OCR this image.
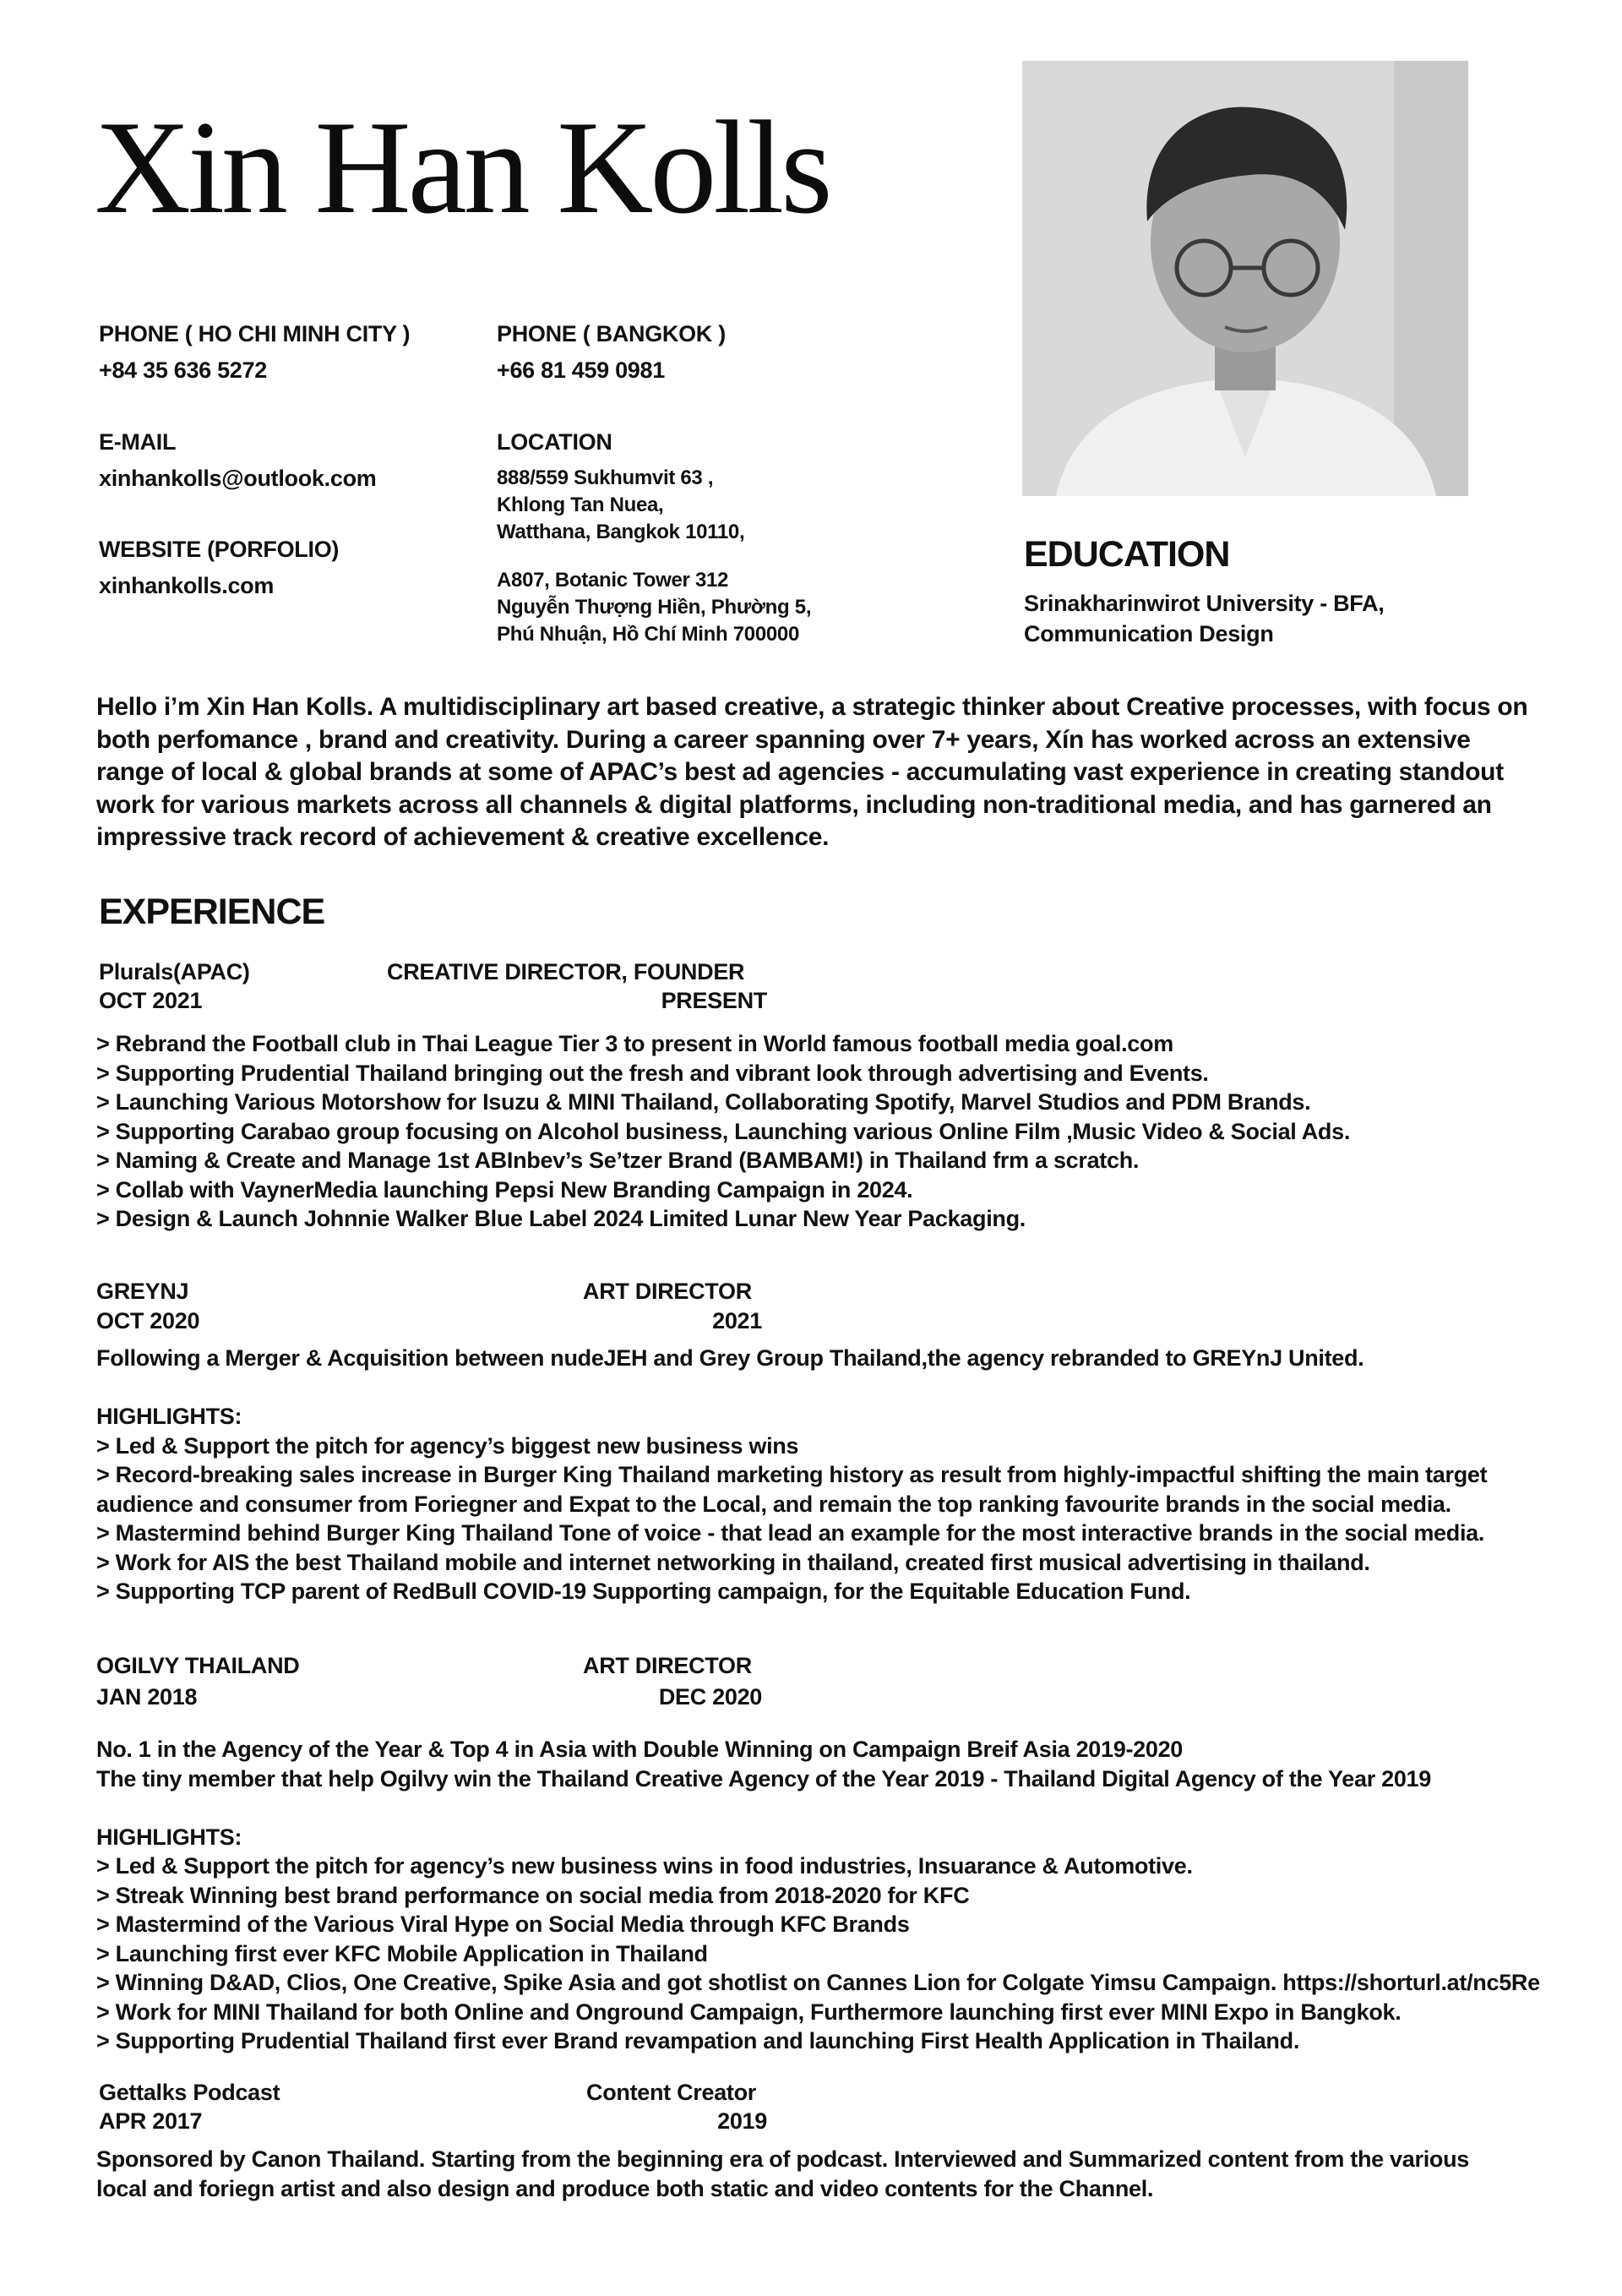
Xin Han Kolls
PHONE ( HO CHI MINH CITY )
+84 35 636 5272
PHONE ( BANGKOK )
+66 81 459 0981
E-MAIL
xinhankolls@outlook.com
LOCATION
888/559 Sukhumvit 63 ,
Khlong Tan Nuea,
Watthana, Bangkok 10110,
A807, Botanic Tower 312
Nguyễn Thượng Hiền, Phường 5,
Phú Nhuận, Hồ Chí Minh 700000
WEBSITE (PORFOLIO)
xinhankolls.com
EDUCATION
Srinakharinwirot University - BFA,
Communication Design
Hello i’m Xin Han Kolls. A multidisciplinary art based creative, a strategic thinker about Creative processes, with focus on both perfomance , brand and creativity. During a career spanning over 7+ years, Xín has worked across an extensive range of local & global brands at some of APAC’s best ad agencies - accumulating vast experience in creating standout work for various markets across all channels & digital platforms, including non-traditional media, and has garnered an impressive track record of achievement & creative excellence.
EXPERIENCE
Plurals(APAC)	CREATIVE DIRECTOR, FOUNDER
OCT 2021	PRESENT
> Rebrand the Football club in Thai League Tier 3 to present in World famous football media goal.com
> Supporting Prudential Thailand bringing out the fresh and vibrant look through advertising and Events.
> Launching Various Motorshow for Isuzu & MINI Thailand, Collaborating Spotify, Marvel Studios and PDM Brands.
> Supporting Carabao group focusing on Alcohol business, Launching various Online Film ,Music Video & Social Ads.
> Naming & Create and Manage 1st ABInbev’s Se’tzer Brand (BAMBAM!) in Thailand frm a scratch.
> Collab with VaynerMedia launching Pepsi New Branding Campaign in 2024.
> Design & Launch Johnnie Walker Blue Label 2024 Limited Lunar New Year Packaging.
GREYNJ	ART DIRECTOR
OCT 2020	2021
Following a Merger & Acquisition between nudeJEH and Grey Group Thailand,the agency rebranded to GREYnJ United.
HIGHLIGHTS:
> Led & Support the pitch for agency’s biggest new business wins
> Record-breaking sales increase in Burger King Thailand marketing history as result from highly-impactful shifting the main target
audience and consumer from Foriegner and Expat to the Local, and remain the top ranking favourite brands in the social media.
> Mastermind behind Burger King Thailand Tone of voice - that lead an example for the most interactive brands in the social media.
> Work for AIS the best Thailand mobile and internet networking in thailand, created first musical advertising in thailand.
> Supporting TCP parent of RedBull COVID-19 Supporting campaign, for the Equitable Education Fund.
OGILVY THAILAND	ART DIRECTOR
JAN 2018	DEC 2020
No. 1 in the Agency of the Year & Top 4 in Asia with Double Winning on Campaign Breif Asia 2019-2020
The tiny member that help Ogilvy win the Thailand Creative Agency of the Year 2019 - Thailand Digital Agency of the Year 2019
HIGHLIGHTS:
> Led & Support the pitch for agency’s new business wins in food industries, Insuarance & Automotive.
> Streak Winning best brand performance on social media from 2018-2020 for KFC
> Mastermind of the Various Viral Hype on Social Media through KFC Brands
> Launching first ever KFC Mobile Application in Thailand
> Winning D&AD, Clios, One Creative, Spike Asia and got shotlist on Cannes Lion for Colgate Yimsu Campaign. https://shorturl.at/nc5Re
> Work for MINI Thailand for both Online and Onground Campaign, Furthermore launching first ever MINI Expo in Bangkok.
> Supporting Prudential Thailand first ever Brand revampation and launching First Health Application in Thailand.
Gettalks Podcast	Content Creator
APR 2017	2019
Sponsored by Canon Thailand. Starting from the beginning era of podcast. Interviewed and Summarized content from the various
local and foriegn artist and also design and produce both static and video contents for the Channel.
